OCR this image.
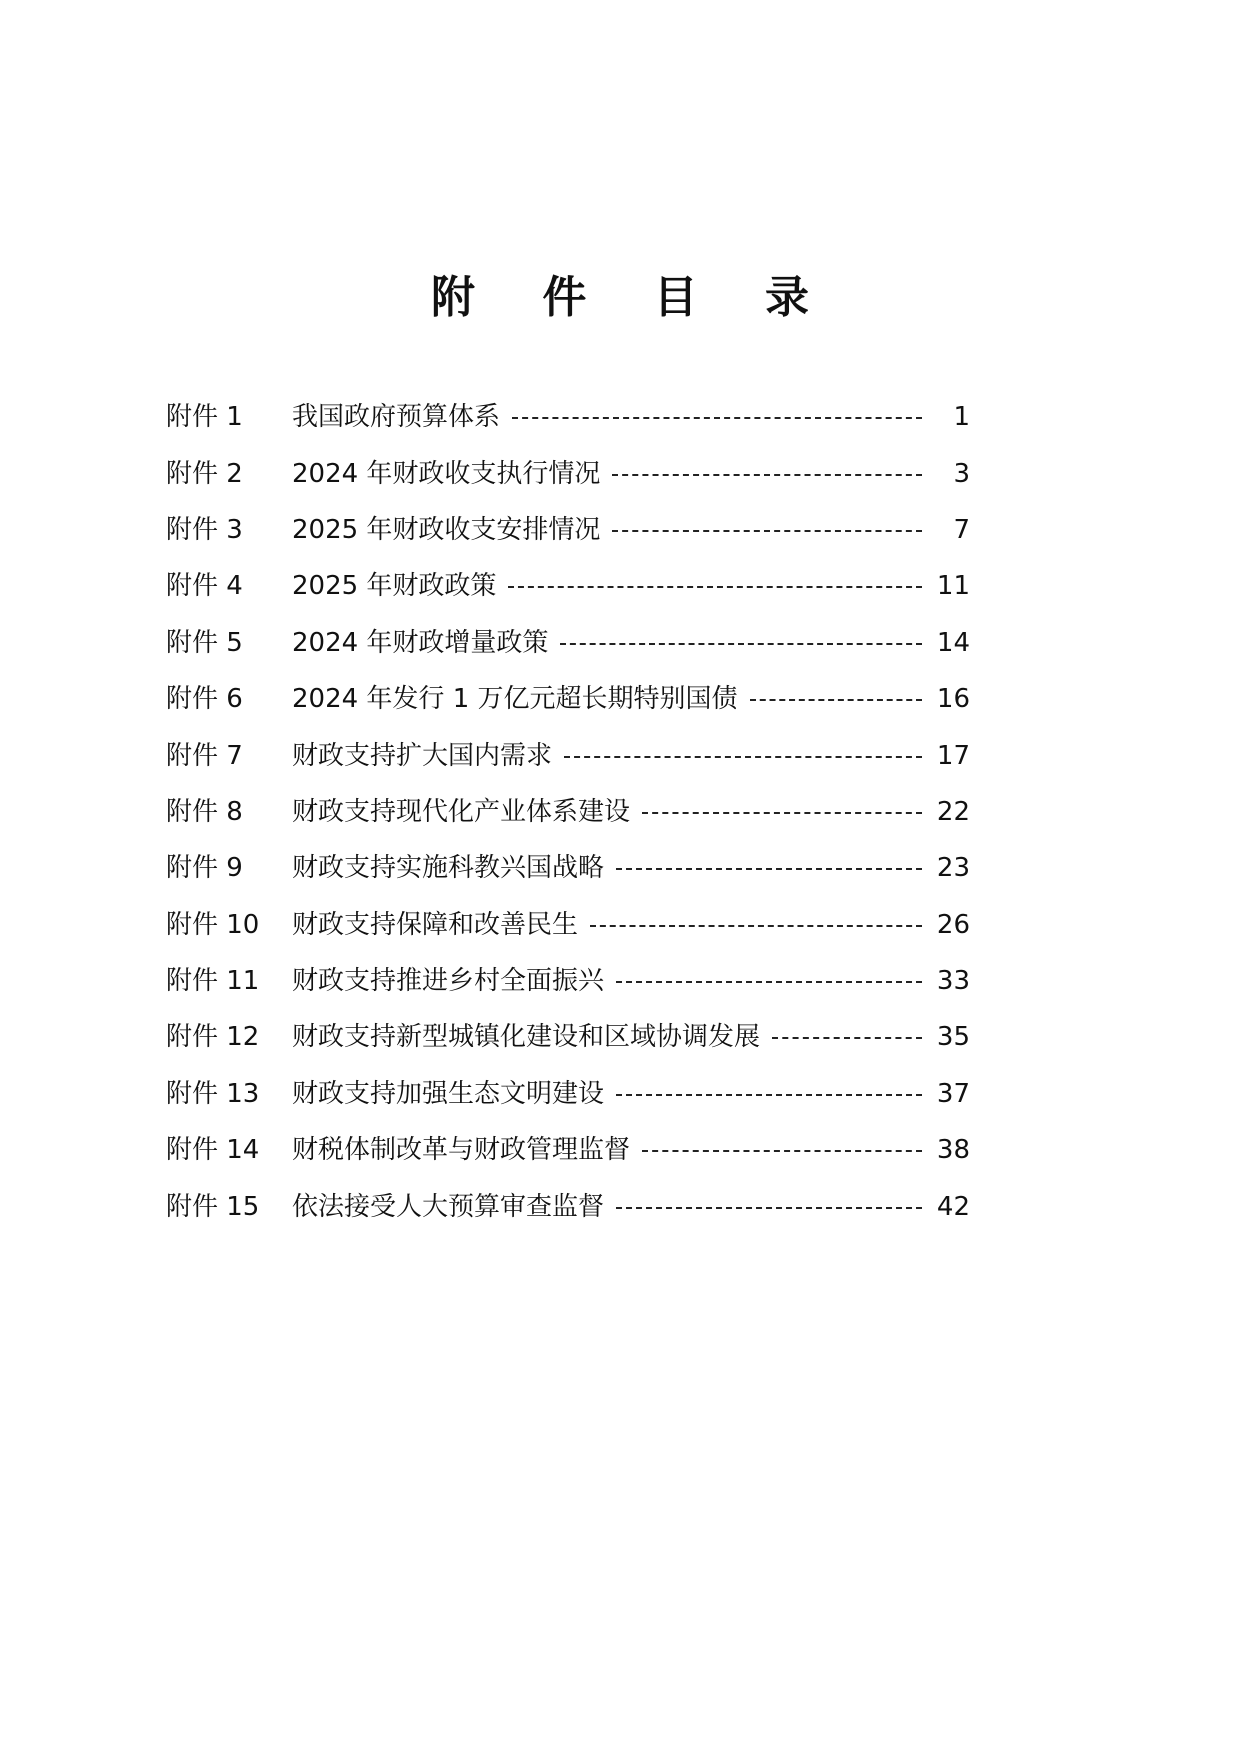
附 件 目 录
附件 1	我国政府预算体系	1
附件 2	2024 年财政收支执行情况	3
附件 3	2025 年财政收支安排情况	7
附件 4	2025 年财政政策	11
附件 5	2024 年财政增量政策	14
附件 6	2024 年发行 1 万亿元超长期特别国债	16
附件 7	财政支持扩大国内需求	17
附件 8	财政支持现代化产业体系建设	22
附件 9	财政支持实施科教兴国战略	23
附件 10	财政支持保障和改善民生	26
附件 11	财政支持推进乡村全面振兴	33
附件 12	财政支持新型城镇化建设和区域协调发展	35
附件 13	财政支持加强生态文明建设	37
附件 14	财税体制改革与财政管理监督	38
附件 15	依法接受人大预算审查监督	42
